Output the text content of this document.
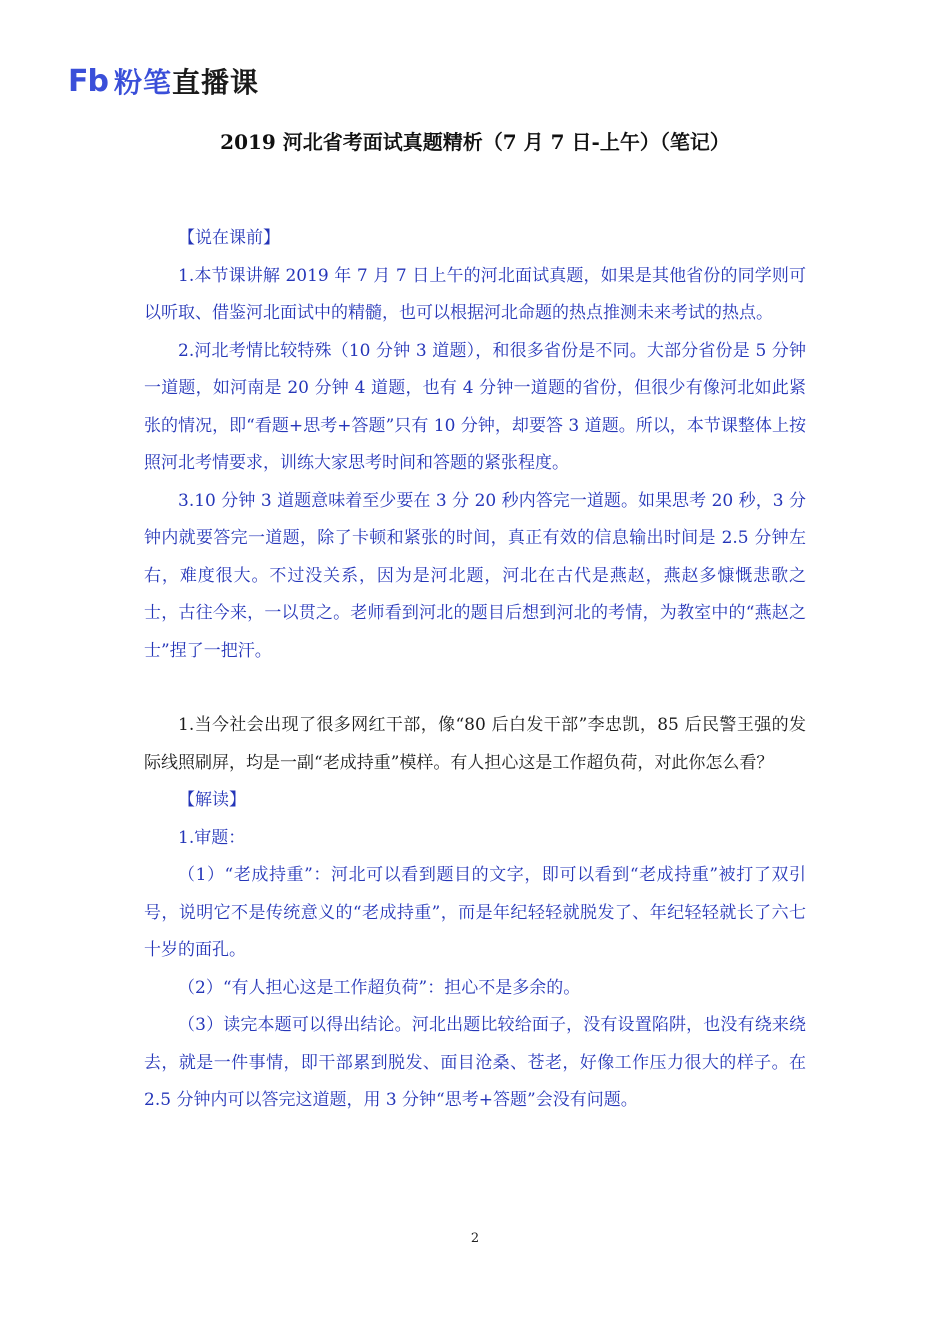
Fb 粉笔直播课
2019 河北省考面试真题精析（7 月 7 日-上午）（笔记）

【说在课前】

1.本节课讲解 2019 年 7 月 7 日上午的河北面试真题，如果是其他省份的同学则可以听取、借鉴河北面试中的精髓，也可以根据河北命题的热点推测未来考试的热点。

2.河北考情比较特殊（10 分钟 3 道题），和很多省份是不同。大部分省份是 5 分钟一道题，如河南是 20 分钟 4 道题，也有 4 分钟一道题的省份，但很少有像河北如此紧张的情况，即“看题+思考+答题”只有 10 分钟，却要答 3 道题。所以，本节课整体上按照河北考情要求，训练大家思考时间和答题的紧张程度。

3.10 分钟 3 道题意味着至少要在 3 分 20 秒内答完一道题。如果思考 20 秒，3 分钟内就要答完一道题，除了卡顿和紧张的时间，真正有效的信息输出时间是 2.5 分钟左右，难度很大。不过没关系，因为是河北题，河北在古代是燕赵，燕赵多慷慨悲歌之士，古往今来，一以贯之。老师看到河北的题目后想到河北的考情，为教室中的“燕赵之士”捏了一把汗。

1.当今社会出现了很多网红干部，像“80 后白发干部”李忠凯，85 后民警王强的发际线照刷屏，均是一副“老成持重”模样。有人担心这是工作超负荷，对此你怎么看？

【解读】

1.审题：

（1）“老成持重”：河北可以看到题目的文字，即可以看到“老成持重”被打了双引号，说明它不是传统意义的“老成持重”，而是年纪轻轻就脱发了、年纪轻轻就长了六七十岁的面孔。

（2）“有人担心这是工作超负荷”：担心不是多余的。

（3）读完本题可以得出结论。河北出题比较给面子，没有设置陷阱，也没有绕来绕去，就是一件事情，即干部累到脱发、面目沧桑、苍老，好像工作压力很大的样子。在 2.5 分钟内可以答完这道题，用 3 分钟“思考+答题”会没有问题。

2
